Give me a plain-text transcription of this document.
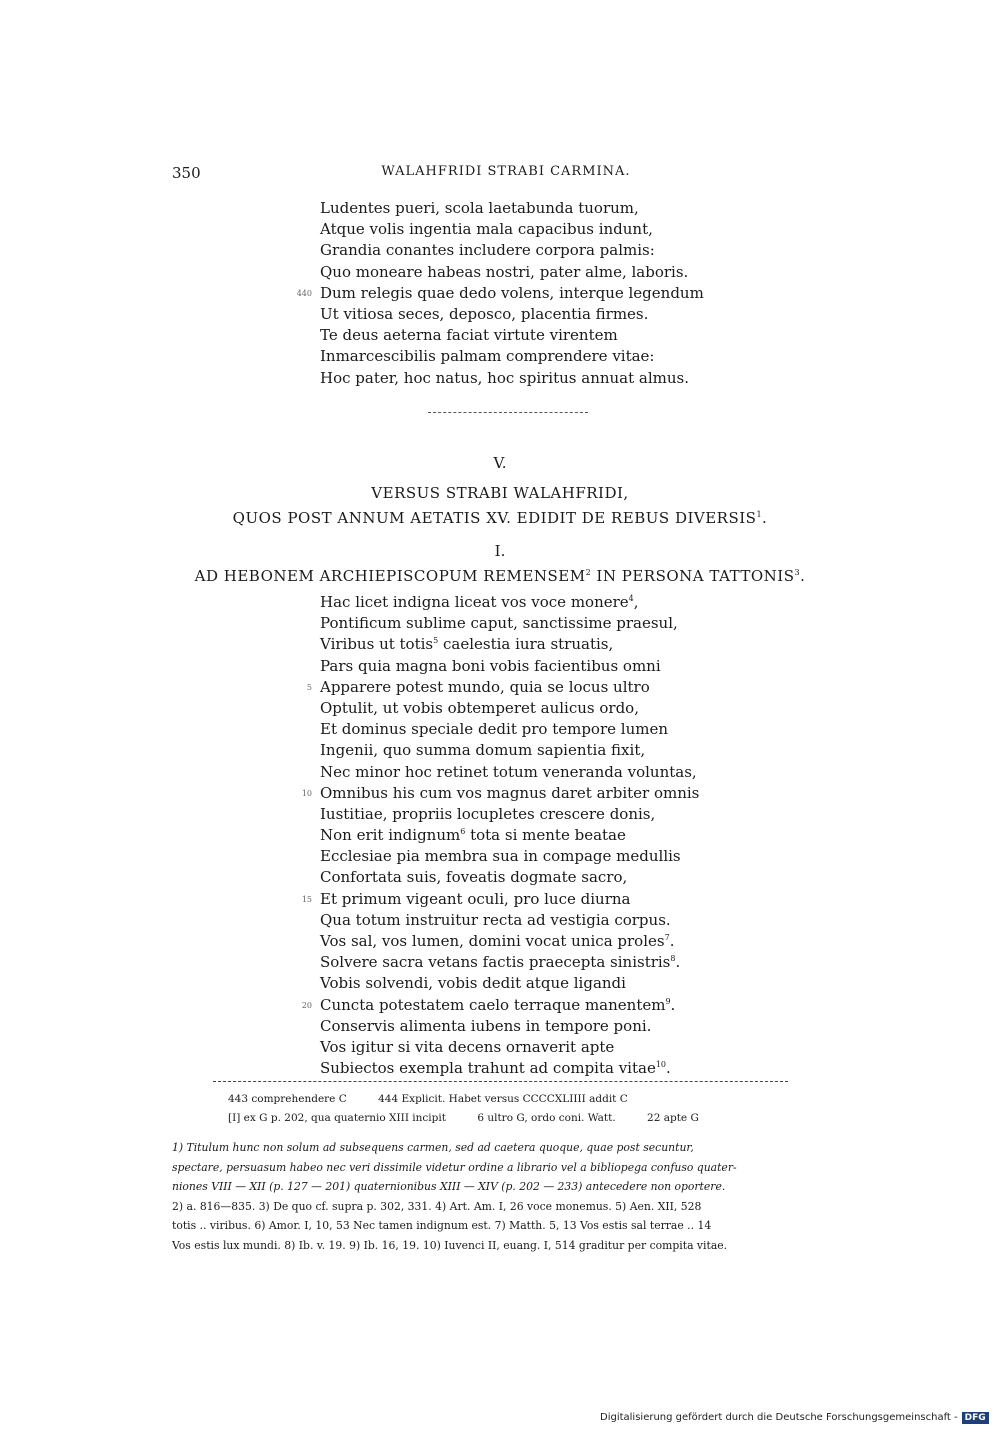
350	WALAHFRIDI STRABI CARMINA.
Ludentes pueri, scola laetabunda tuorum,
Atque volis ingentia mala capacibus indunt,
Grandia conantes includere corpora palmis:
Quo moneare habeas nostri, pater alme, laboris.
440 Dum relegis quae dedo volens, interque legendum
Ut vitiosa seces, deposco, placentia firmes.
Te deus aeterna faciat virtute virentem
Inmarcescibilis palmam comprendere vitae:
Hoc pater, hoc natus, hoc spiritus annuat almus.
V.
VERSUS STRABI WALAHFRIDI,
QUOS POST ANNUM AETATIS XV. EDIDIT DE REBUS DIVERSIS$^1$.
I.
AD HEBONEM ARCHIEPISCOPUM REMENSEM$^2$ IN PERSONA TATTONIS$^3$.
Hac licet indigna liceat vos voce monere$^4$,
Pontificum sublime caput, sanctissime praesul,
Viribus ut totis$^5$ caelestia iura struatis,
Pars quia magna boni vobis facientibus omni
5 Apparere potest mundo, quia se locus ultro
Optulit, ut vobis obtemperet aulicus ordo,
Et dominus speciale dedit pro tempore lumen
Ingenii, quo summa domum sapientia fixit,
Nec minor hoc retinet totum veneranda voluntas,
10 Omnibus his cum vos magnus daret arbiter omnis
Iustitiae, propriis locupletes crescere donis,
Non erit indignum$^6$ tota si mente beatae
Ecclesiae pia membra sua in compage medullis
Confortata suis, foveatis dogmate sacro,
15 Et primum vigeant oculi, pro luce diurna
Qua totum instruitur recta ad vestigia corpus.
Vos sal, vos lumen, domini vocat unica proles$^7$.
Solvere sacra vetans factis praecepta sinistris$^8$.
Vobis solvendi, vobis dedit atque ligandi
20 Cuncta potestatem caelo terraque manentem$^9$.
Conservis alimenta iubens in tempore poni.
Vos igitur si vita decens ornaverit apte
Subiectos exempla trahunt ad compita vitae$^{10}$.
443 comprehendere C	444 Explicit. Habet versus CCCCXLIIII addit C
[I] ex G p. 202, qua quaternio XIII incipit	6 ultro G, ordo coni. Watt.	22 apte G
1) Titulum hunc non solum ad subsequens carmen, sed ad caetera quoque, quae post secuntur,
spectare, persuasum habeo nec veri dissimile videtur ordine a librario vel a bibliopega confuso quater-
niones VIII — XII (p. 127 — 201) quaternionibus XIII — XIV (p. 202 — 233) antecedere non oportere.
2) a. 816—835. 3) De quo cf. supra p. 302, 331. 4) Art. Am. I, 26 voce monemus. 5) Aen. XII, 528
totis .. viribus. 6) Amor. I, 10, 53 Nec tamen indignum est. 7) Matth. 5, 13 Vos estis sal terrae .. 14
Vos estis lux mundi. 8) Ib. v. 19. 9) Ib. 16, 19. 10) Iuvenci II, euang. I, 514 graditur per compita vitae.
Digitalisierung gefördert durch die Deutsche Forschungsgemeinschaft - DFG
